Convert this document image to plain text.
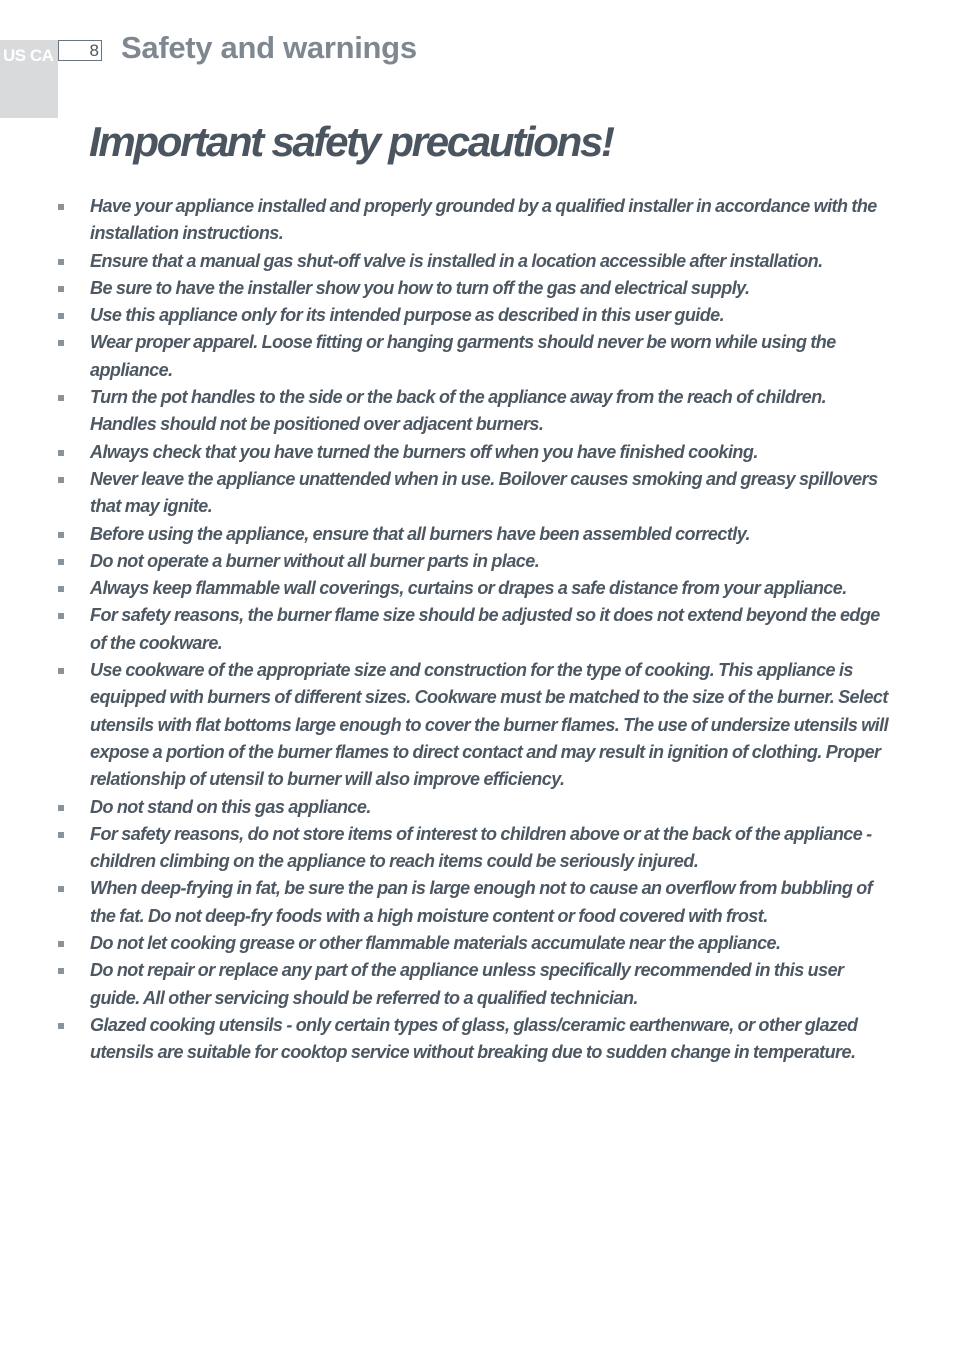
US CA 8 Safety and warnings
Important safety precautions!
Have your appliance installed and properly grounded by a qualified installer in accordance with the installation instructions.
Ensure that a manual gas shut-off valve is installed in a location accessible after installation.
Be sure to have the installer show you how to turn off the gas and electrical supply.
Use this appliance only for its intended purpose as described in this user guide.
Wear proper apparel. Loose fitting or hanging garments should never be worn while using the appliance.
Turn the pot handles to the side or the back of the appliance away from the reach of children. Handles should not be positioned over adjacent burners.
Always check that you have turned the burners off when you have finished cooking.
Never leave the appliance unattended when in use. Boilover causes smoking and greasy spillovers that may ignite.
Before using the appliance, ensure that all burners have been assembled correctly.
Do not operate a burner without all burner parts in place.
Always keep flammable wall coverings, curtains or drapes a safe distance from your appliance.
For safety reasons, the burner flame size should be adjusted so it does not extend beyond the edge of the cookware.
Use cookware of the appropriate size and construction for the type of cooking. This appliance is equipped with burners of different sizes. Cookware must be matched to the size of the burner. Select utensils with flat bottoms large enough to cover the burner flames. The use of undersize utensils will expose a portion of the burner flames to direct contact and may result in ignition of clothing. Proper relationship of utensil to burner will also improve efficiency.
Do not stand on this gas appliance.
For safety reasons, do not store items of interest to children above or at the back of the appliance - children climbing on the appliance to reach items could be seriously injured.
When deep-frying in fat, be sure the pan is large enough not to cause an overflow from bubbling of the fat. Do not deep-fry foods with a high moisture content or food covered with frost.
Do not let cooking grease or other flammable materials accumulate near the appliance.
Do not repair or replace any part of the appliance unless specifically recommended in this user guide. All other servicing should be referred to a qualified technician.
Glazed cooking utensils - only certain types of glass, glass/ceramic earthenware, or other glazed utensils are suitable for cooktop service without breaking due to sudden change in temperature.
